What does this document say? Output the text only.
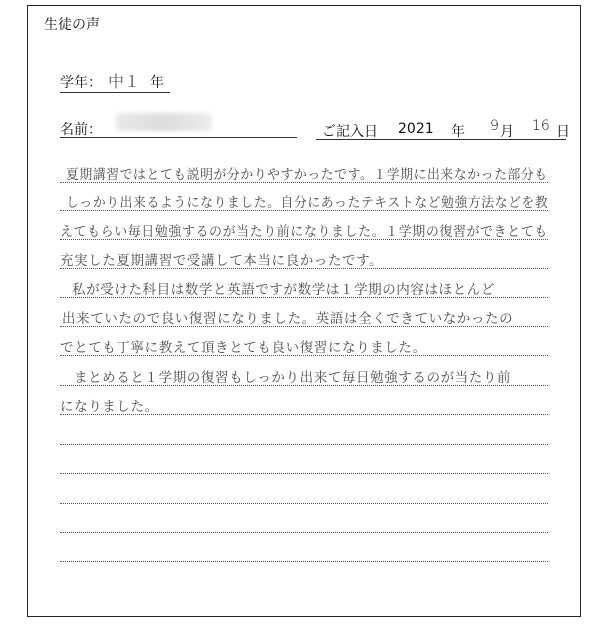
生徒の声
学年： 中１ 年
名前：	ご記入日 2021 年 9 月 16 日
夏期講習ではとても説明が分かりやすかったです。１学期に出来なかった部分も
しっかり出来るようになりました。自分にあったテキストなど勉強方法などを教
えてもらい毎日勉強するのが当たり前になりました。１学期の復習ができとても
充実した夏期講習で受講して本当に良かったです。
私が受けた科目は数学と英語ですが数学は１学期の内容はほとんど
出来ていたので良い復習になりました。英語は全くできていなかったの
でとても丁寧に教えて頂きとても良い復習になりました。
まとめると１学期の復習もしっかり出来て毎日勉強するのが当たり前
になりました。
